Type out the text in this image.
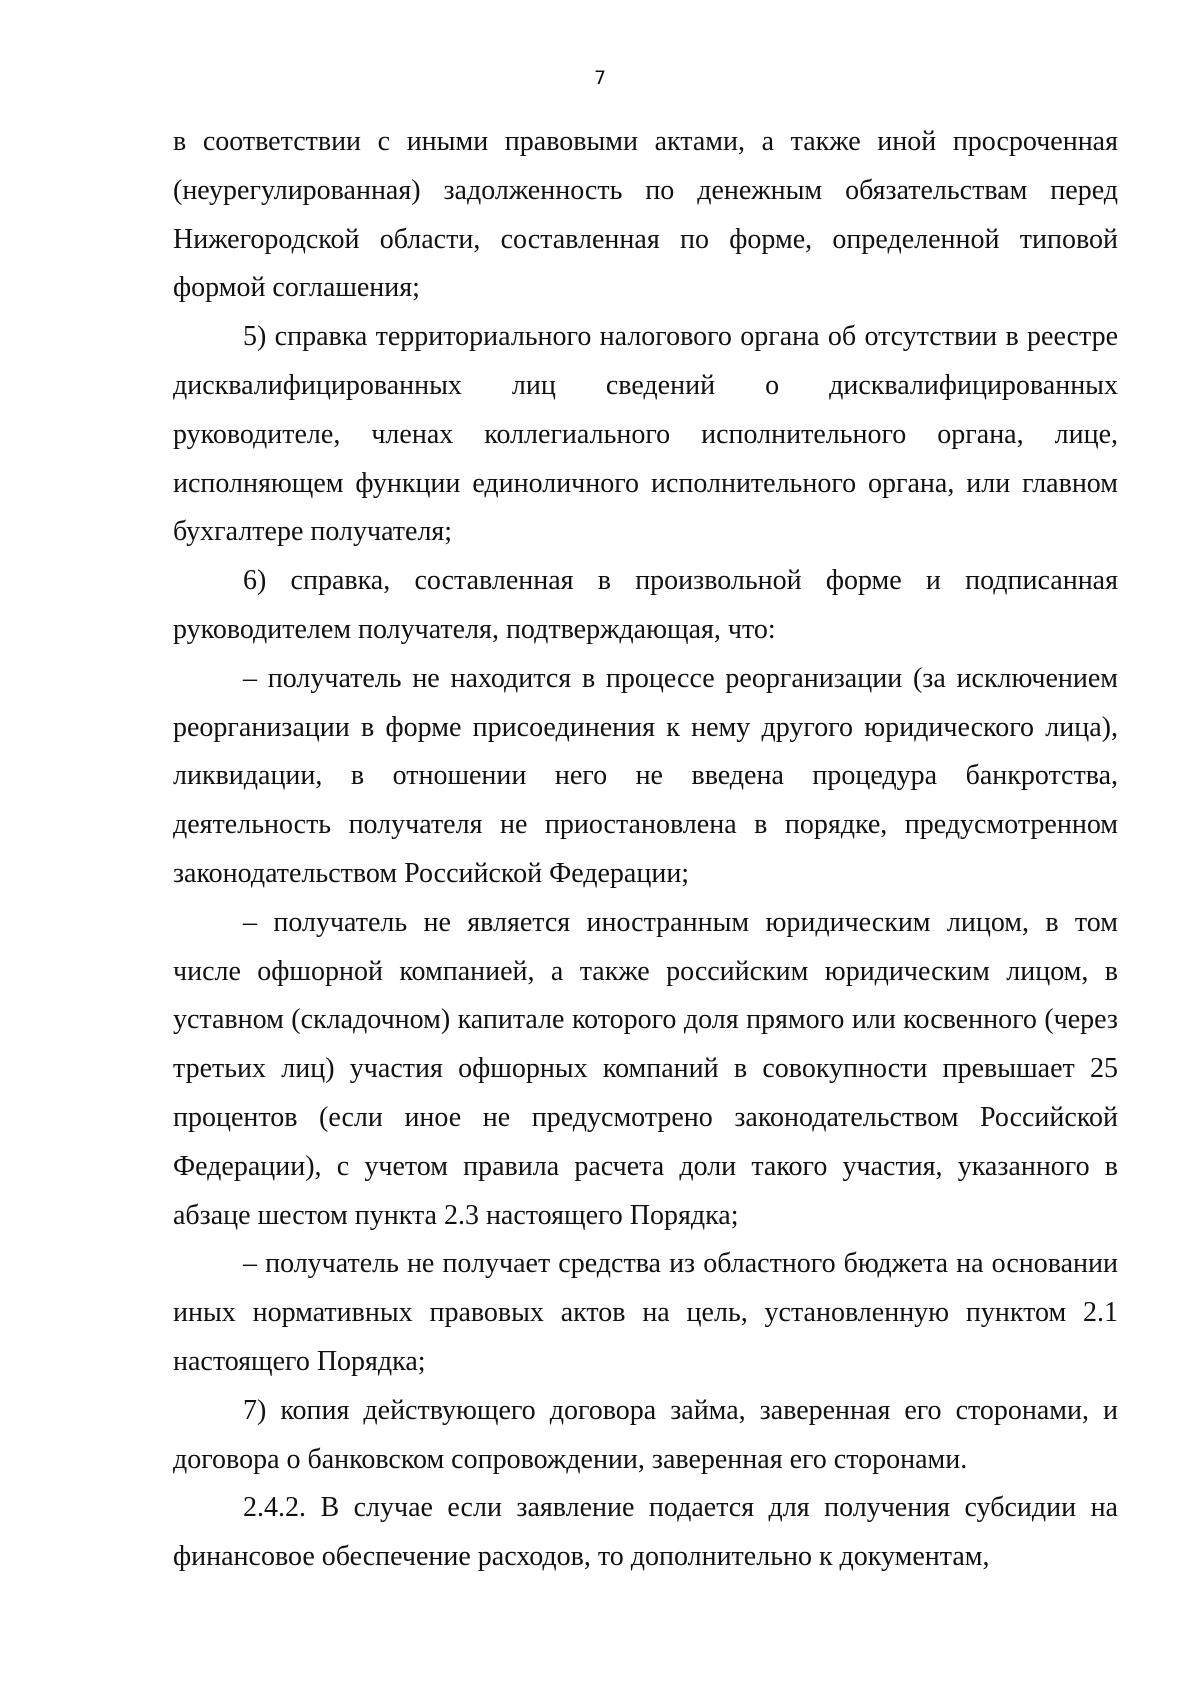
7

в соответствии с иными правовыми актами, а также иной просроченная (неурегулированная) задолженность по денежным обязательствам перед Нижегородской области, составленная по форме, определенной типовой формой соглашения;

5) справка территориального налогового органа об отсутствии в реестре дисквалифицированных лиц сведений о дисквалифицированных руководителе, членах коллегиального исполнительного органа, лице, исполняющем функции единоличного исполнительного органа, или главном бухгалтере получателя;

6) справка, составленная в произвольной форме и подписанная руководителем получателя, подтверждающая, что:

– получатель не находится в процессе реорганизации (за исключением реорганизации в форме присоединения к нему другого юридического лица), ликвидации, в отношении него не введена процедура банкротства, деятельность получателя не приостановлена в порядке, предусмотренном законодательством Российской Федерации;

– получатель не является иностранным юридическим лицом, в том числе офшорной компанией, а также российским юридическим лицом, в уставном (складочном) капитале которого доля прямого или косвенного (через третьих лиц) участия офшорных компаний в совокупности превышает 25 процентов (если иное не предусмотрено законодательством Российской Федерации), с учетом правила расчета доли такого участия, указанного в абзаце шестом пункта 2.3 настоящего Порядка;

– получатель не получает средства из областного бюджета на основании иных нормативных правовых актов на цель, установленную пунктом 2.1 настоящего Порядка;

7) копия действующего договора займа, заверенная его сторонами, и договора о банковском сопровождении, заверенная его сторонами.

2.4.2. В случае если заявление подается для получения субсидии на финансовое обеспечение расходов, то дополнительно к документам,
